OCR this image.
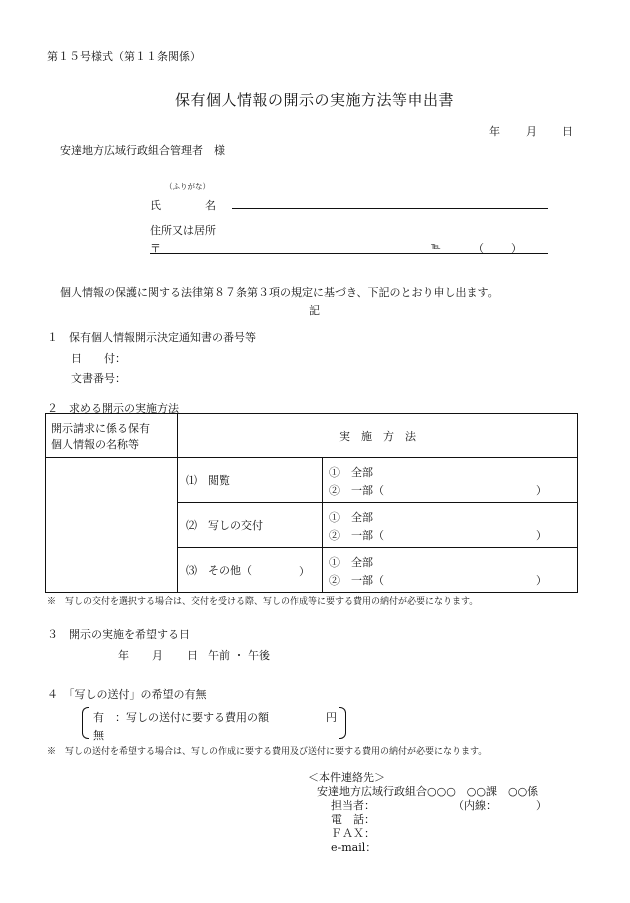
第１５号様式（第１１条関係）
保有個人情報の開示の実施方法等申出書
年 月 日
安達地方広域行政組合管理者　様
（ふりがな）
氏　　　　名
住所又は居所
〒	℡	（ ）
個人情報の保護に関する法律第８７条第３項の規定に基づき、下記のとおり申し出ます。
記
１　保有個人情報開示決定通知書の番号等
日　　付：
文書番号：
２　求める開示の実施方法
開示請求に係る保有
個人情報の名称等	実　施　方　法	
	⑴　閲覧	①　全部
②　一部（ ）

	⑵　写しの交付	①　全部
②　一部（ ）

	⑶　その他（ ）	①　全部
②　一部（ ）
※　写しの交付を選択する場合は、交付を受ける際、写しの作成等に要する費用の納付が必要になります。
３　開示の実施を希望する日
年 月 日 午前 ・ 午後
４　「写しの送付」の希望の有無
有　：写しの送付に要する費用の額	円
無
※　写しの送付を希望する場合は、写しの作成に要する費用及び送付に要する費用の納付が必要になります。
＜本件連絡先＞
安達地方広域行政組合○○○　○○課　○○係
担当者：	（内線：	）
電　話：
ＦＡＸ：
e-mail：
